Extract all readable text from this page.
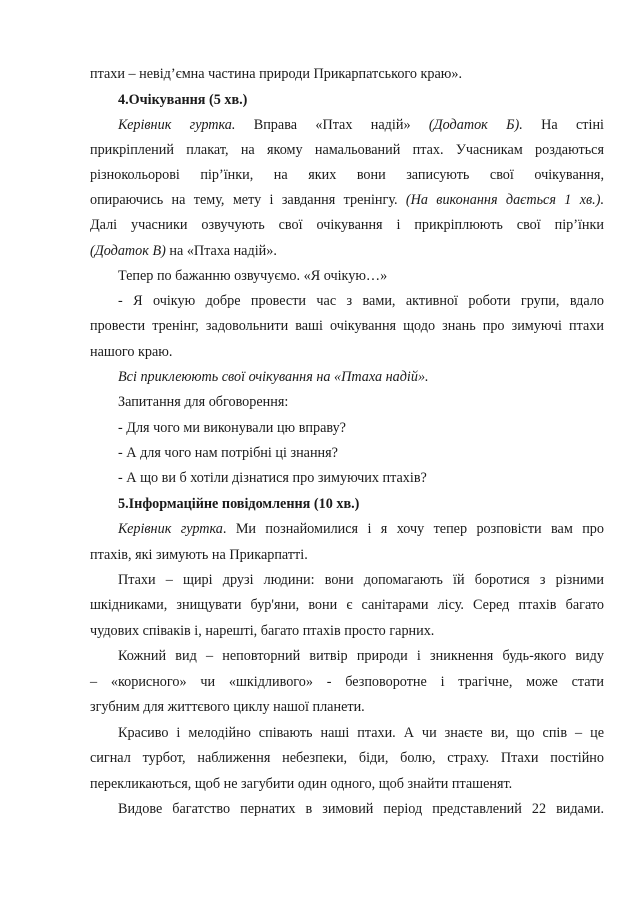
птахи – невід’ємна частина природи Прикарпатського краю».
4.Очікування (5 хв.)
Керівник гуртка. Вправа «Птах надій» (Додаток Б). На стіні
прикріплений плакат, на якому намальований птах. Учасникам роздаються
різнокольорові пір’їнки, на яких вони записують свої очікування,
опираючись на тему, мету і завдання тренінгу. (На виконання дається 1 хв.).
Далі учасники озвучують свої очікування і прикріплюють свої пір’їнки
(Додаток В) на «Птаха надій».
Тепер по бажанню озвучуємо. «Я очікую…»
- Я очікую добре провести час з вами, активної роботи групи, вдало
провести тренінг, задовольнити ваші очікування щодо знань про зимуючі птахи
нашого краю.
Всі приклеюють свої очікування на «Птаха надій».
Запитання для обговорення:
- Для чого ми виконували цю вправу?
- А для чого нам потрібні ці знання?
- А що ви б хотіли дізнатися про зимуючих птахів?
5.Інформаційне повідомлення (10 хв.)
Керівник гуртка. Ми познайомилися і я хочу тепер розповісти вам про
птахів, які зимують на Прикарпатті.
Птахи – щирі друзі людини: вони допомагають їй боротися з різними
шкідниками, знищувати бур'яни, вони є санітарами лісу. Серед птахів багато
чудових співаків і, нарешті, багато птахів просто гарних.
Кожний вид – неповторний витвір природи і зникнення будь-якого виду
– «корисного» чи «шкідливого» - безповоротне і трагічне, може стати
згубним для життєвого циклу нашої планети.
Красиво і мелодійно співають наші птахи. А чи знаєте ви, що спів – це
сигнал турбот, наближення небезпеки, біди, болю, страху. Птахи постійно
перекликаються, щоб не загубити один одного, щоб знайти пташенят.
Видове багатство пернатих в зимовий період представлений 22 видами.
